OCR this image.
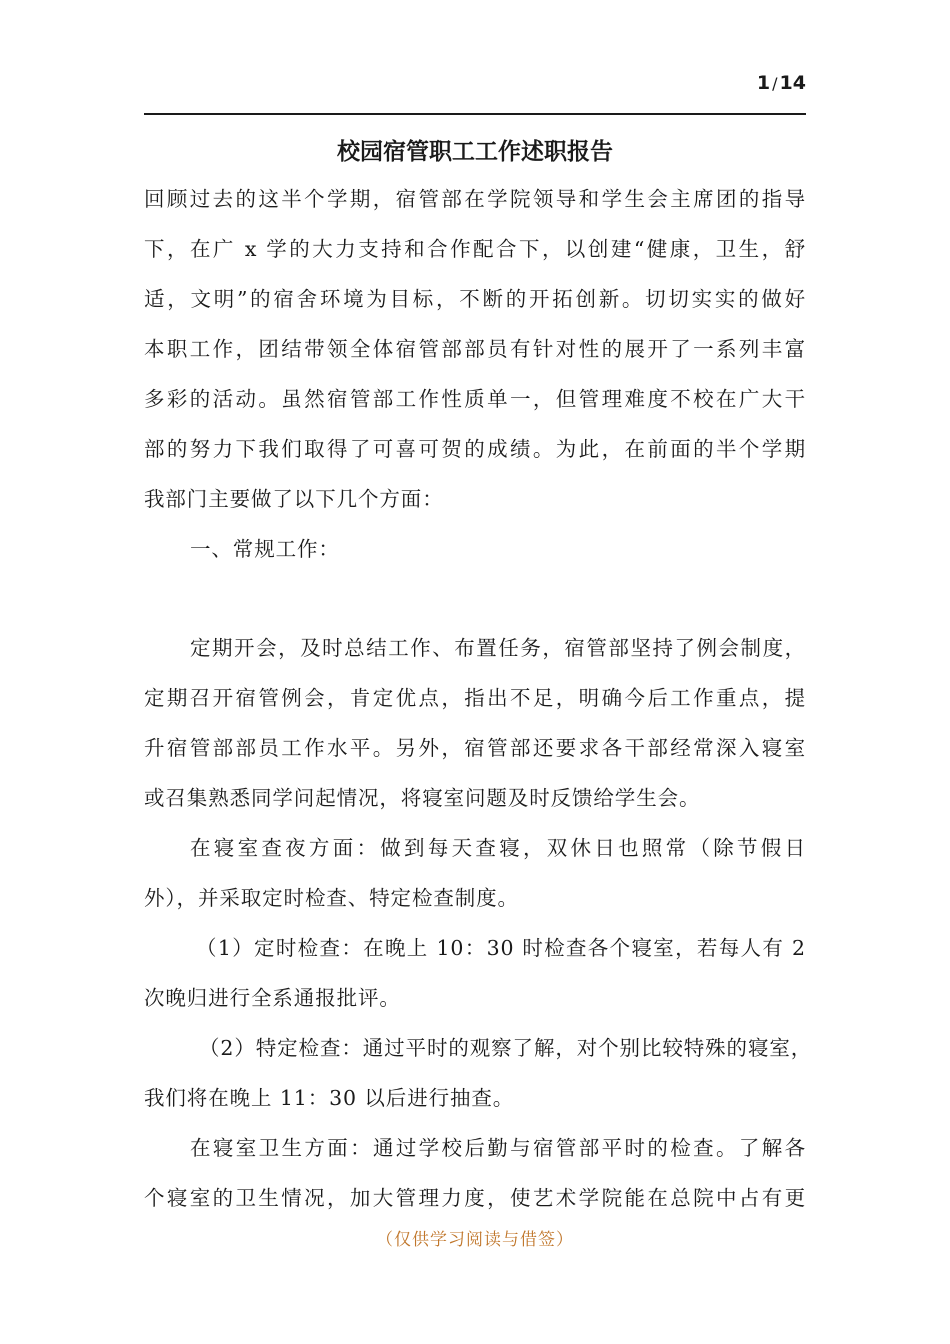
1 / 14
校园宿管职工工作述职报告
回顾过去的这半个学期，宿管部在学院领导和学生会主席团的指导
下，在广 x 学的大力支持和合作配合下，以创建“健康，卫生，舒
适，文明”的宿舍环境为目标，不断的开拓创新。切切实实的做好
本职工作，团结带领全体宿管部部员有针对性的展开了一系列丰富
多彩的活动。虽然宿管部工作性质单一，但管理难度不校在广大干
部的努力下我们取得了可喜可贺的成绩。为此，在前面的半个学期
我部门主要做了以下几个方面：
一、常规工作：
定期开会，及时总结工作、布置任务，宿管部坚持了例会制度，
定期召开宿管例会，肯定优点，指出不足，明确今后工作重点，提
升宿管部部员工作水平。另外，宿管部还要求各干部经常深入寝室
或召集熟悉同学问起情况，将寝室问题及时反馈给学生会。
在寝室查夜方面：做到每天查寝，双休日也照常（除节假日
外），并采取定时检查、特定检查制度。
（1）定时检查：在晚上 10：30 时检查各个寝室，若每人有 2
次晚归进行全系通报批评。
（2）特定检查：通过平时的观察了解，对个别比较特殊的寝室，
我们将在晚上 11：30 以后进行抽查。
在寝室卫生方面：通过学校后勤与宿管部平时的检查。了解各
个寝室的卫生情况，加大管理力度，使艺术学院能在总院中占有更
（仅供学习阅读与借签）
